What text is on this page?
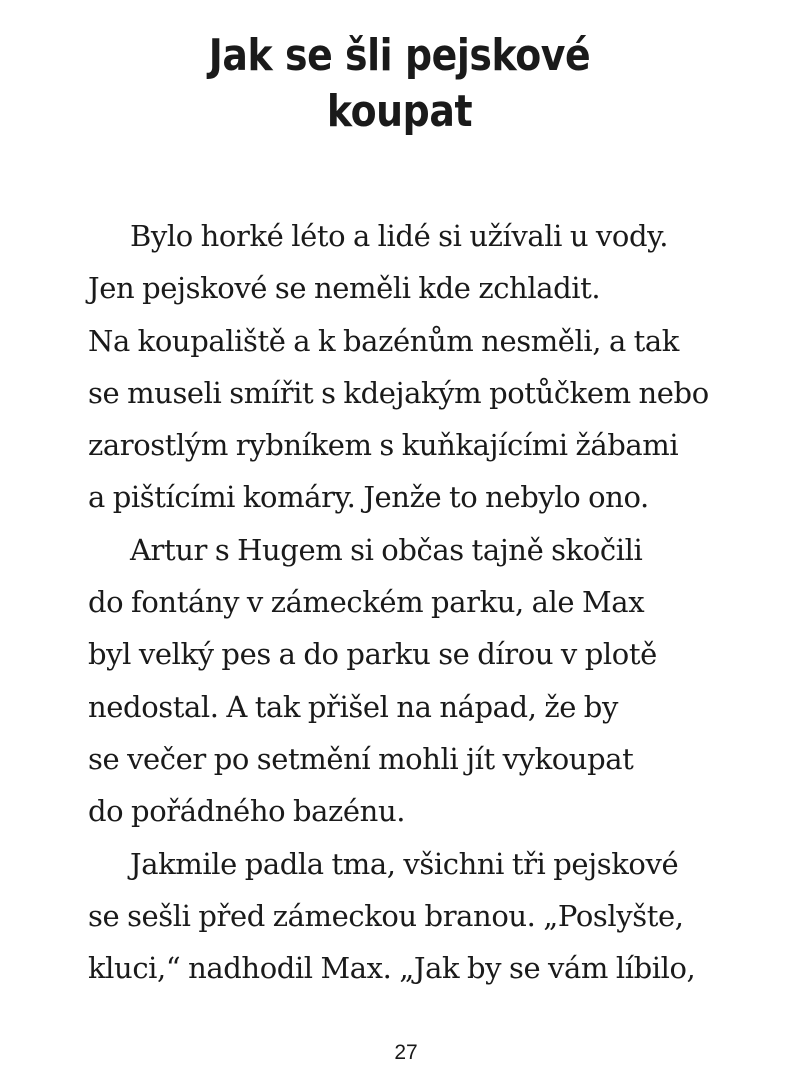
Jak se šli pejskové
koupat
Bylo horké léto a lidé si užívali u vody.
Jen pejskové se neměli kde zchladit.
Na koupaliště a k bazénům nesměli, a tak
se museli smířit s kdejakým potůčkem nebo
zarostlým rybníkem s kuňkajícími žábami
a pištícími komáry. Jenže to nebylo ono.
Artur s Hugem si občas tajně skočili
do fontány v zámeckém parku, ale Max
byl velký pes a do parku se dírou v plotě
nedostal. A tak přišel na nápad, že by
se večer po setmění mohli jít vykoupat
do pořádného bazénu.
Jakmile padla tma, všichni tři pejskové
se sešli před zámeckou branou. „Poslyšte,
kluci,“ nadhodil Max. „Jak by se vám líbilo,
27
